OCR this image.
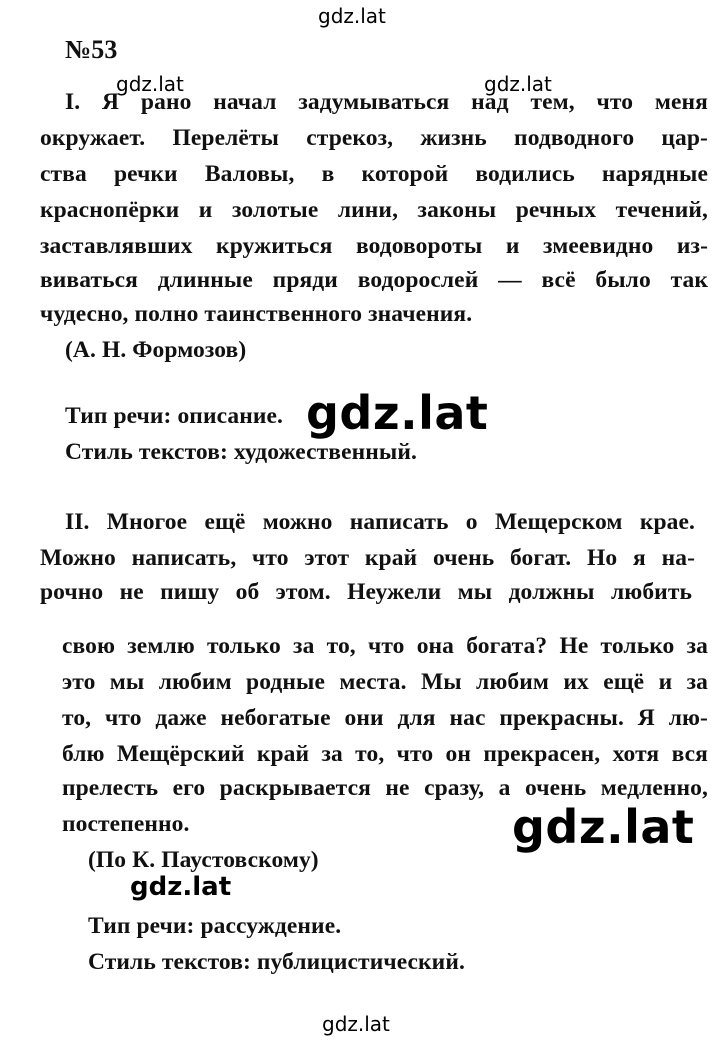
gdz.lat
gdz.lat	gdz.lat
gdz.lat
gdz.lat
gdz.lat
gdz.lat
№53
I. Я рано начал задумываться над тем, что меня
окружает. Перелёты стрекоз, жизнь подводного цар-
ства речки Валовы, в которой водились нарядные
краснопёрки и золотые лини, законы речных течений,
заставлявших кружиться водовороты и змеевидно из-
виваться длинные пряди водорослей — всё было так
чудесно, полно таинственного значения.
(А. Н. Формозов)
Тип речи: описание.
Стиль текстов: художественный.
II. Многое ещё можно написать о Мещерском крае.
Можно написать, что этот край очень богат. Но я на-
рочно не пишу об этом. Неужели мы должны любить
свою землю только за то, что она богата? Не только за
это мы любим родные места. Мы любим их ещё и за
то, что даже небогатые они для нас прекрасны. Я лю-
блю Мещёрский край за то, что он прекрасен, хотя вся
прелесть его раскрывается не сразу, а очень медленно,
постепенно.
(По К. Паустовскому)
Тип речи: рассуждение.
Стиль текстов: публицистический.
